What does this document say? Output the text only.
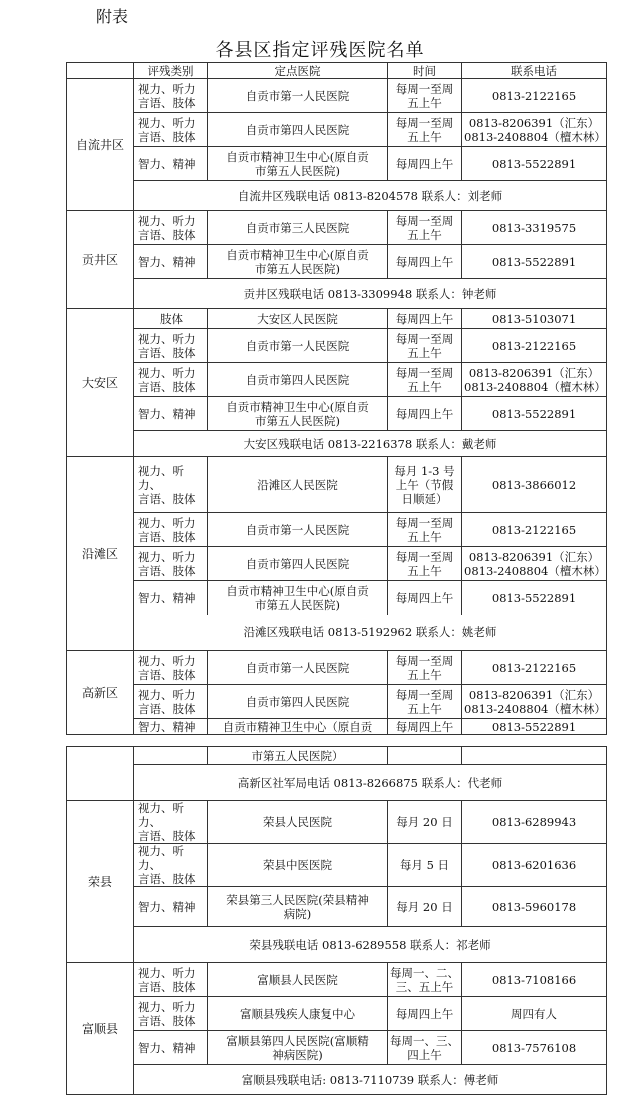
附表
各县区指定评残医院名单
	评残类别	定点医院	时间	联系电话
自流井区	视力、听力
言语、肢体	自贡市第一人民医院	每周一至周
五上午	0813-2122165
	视力、听力
言语、肢体	自贡市第四人民医院	每周一至周
五上午	0813-8206391（汇东）
0813-2408804（檀木林）
	智力、精神	自贡市精神卫生中心(原自贡
市第五人民医院)	每周四上午	0813-5522891
	自流井区残联电话 0813-8204578 联系人：刘老师			
贡井区	视力、听力
言语、肢体	自贡市第三人民医院	每周一至周
五上午	0813-3319575
	智力、精神	自贡市精神卫生中心(原自贡
市第五人民医院)	每周四上午	0813-5522891
	贡井区残联电话 0813-3309948 联系人：钟老师			
大安区	肢体	大安区人民医院	每周四上午	0813-5103071
	视力、听力
言语、肢体	自贡市第一人民医院	每周一至周
五上午	0813-2122165
	视力、听力
言语、肢体	自贡市第四人民医院	每周一至周
五上午	0813-8206391（汇东）
0813-2408804（檀木林）
	智力、精神	自贡市精神卫生中心(原自贡
市第五人民医院)	每周四上午	0813-5522891
	大安区残联电话 0813-2216378 联系人：戴老师			
沿滩区	视力、听力、
言语、肢体	沿滩区人民医院	每月 1-3 号
上午（节假
日顺延）	0813-3866012
	视力、听力
言语、肢体	自贡市第一人民医院	每周一至周
五上午	0813-2122165
	视力、听力
言语、肢体	自贡市第四人民医院	每周一至周
五上午	0813-8206391（汇东）
0813-2408804（檀木林）
	智力、精神	自贡市精神卫生中心(原自贡
市第五人民医院)	每周四上午	0813-5522891
	沿滩区残联电话 0813-5192962 联系人：姚老师			
高新区	视力、听力
言语、肢体	自贡市第一人民医院	每周一至周
五上午	0813-2122165
	视力、听力
言语、肢体	自贡市第四人民医院	每周一至周
五上午	0813-8206391（汇东）
0813-2408804（檀木林）
	智力、精神	自贡市精神卫生中心（原自贡	每周四上午	0813-5522891
		市第五人民医院）		
	高新区社军局电话 0813-8266875 联系人：代老师			
荣县	视力、听力、
言语、肢体	荣县人民医院	每月 20 日	0813-6289943
	视力、听力、
言语、肢体	荣县中医医院	每月 5 日	0813-6201636
	智力、精神	荣县第三人民医院(荣县精神
病院)	每月 20 日	0813-5960178
	荣县残联电话 0813-6289558 联系人：祁老师			
富顺县	视力、听力
言语、肢体	富顺县人民医院	每周一、二、
三、五上午	0813-7108166
	视力、听力
言语、肢体	富顺县残疾人康复中心	每周四上午	周四有人
	智力、精神	富顺县第四人民医院(富顺精
神病医院)	每周一、三、
四上午	0813-7576108
	富顺县残联电话: 0813-7110739 联系人：傅老师			
